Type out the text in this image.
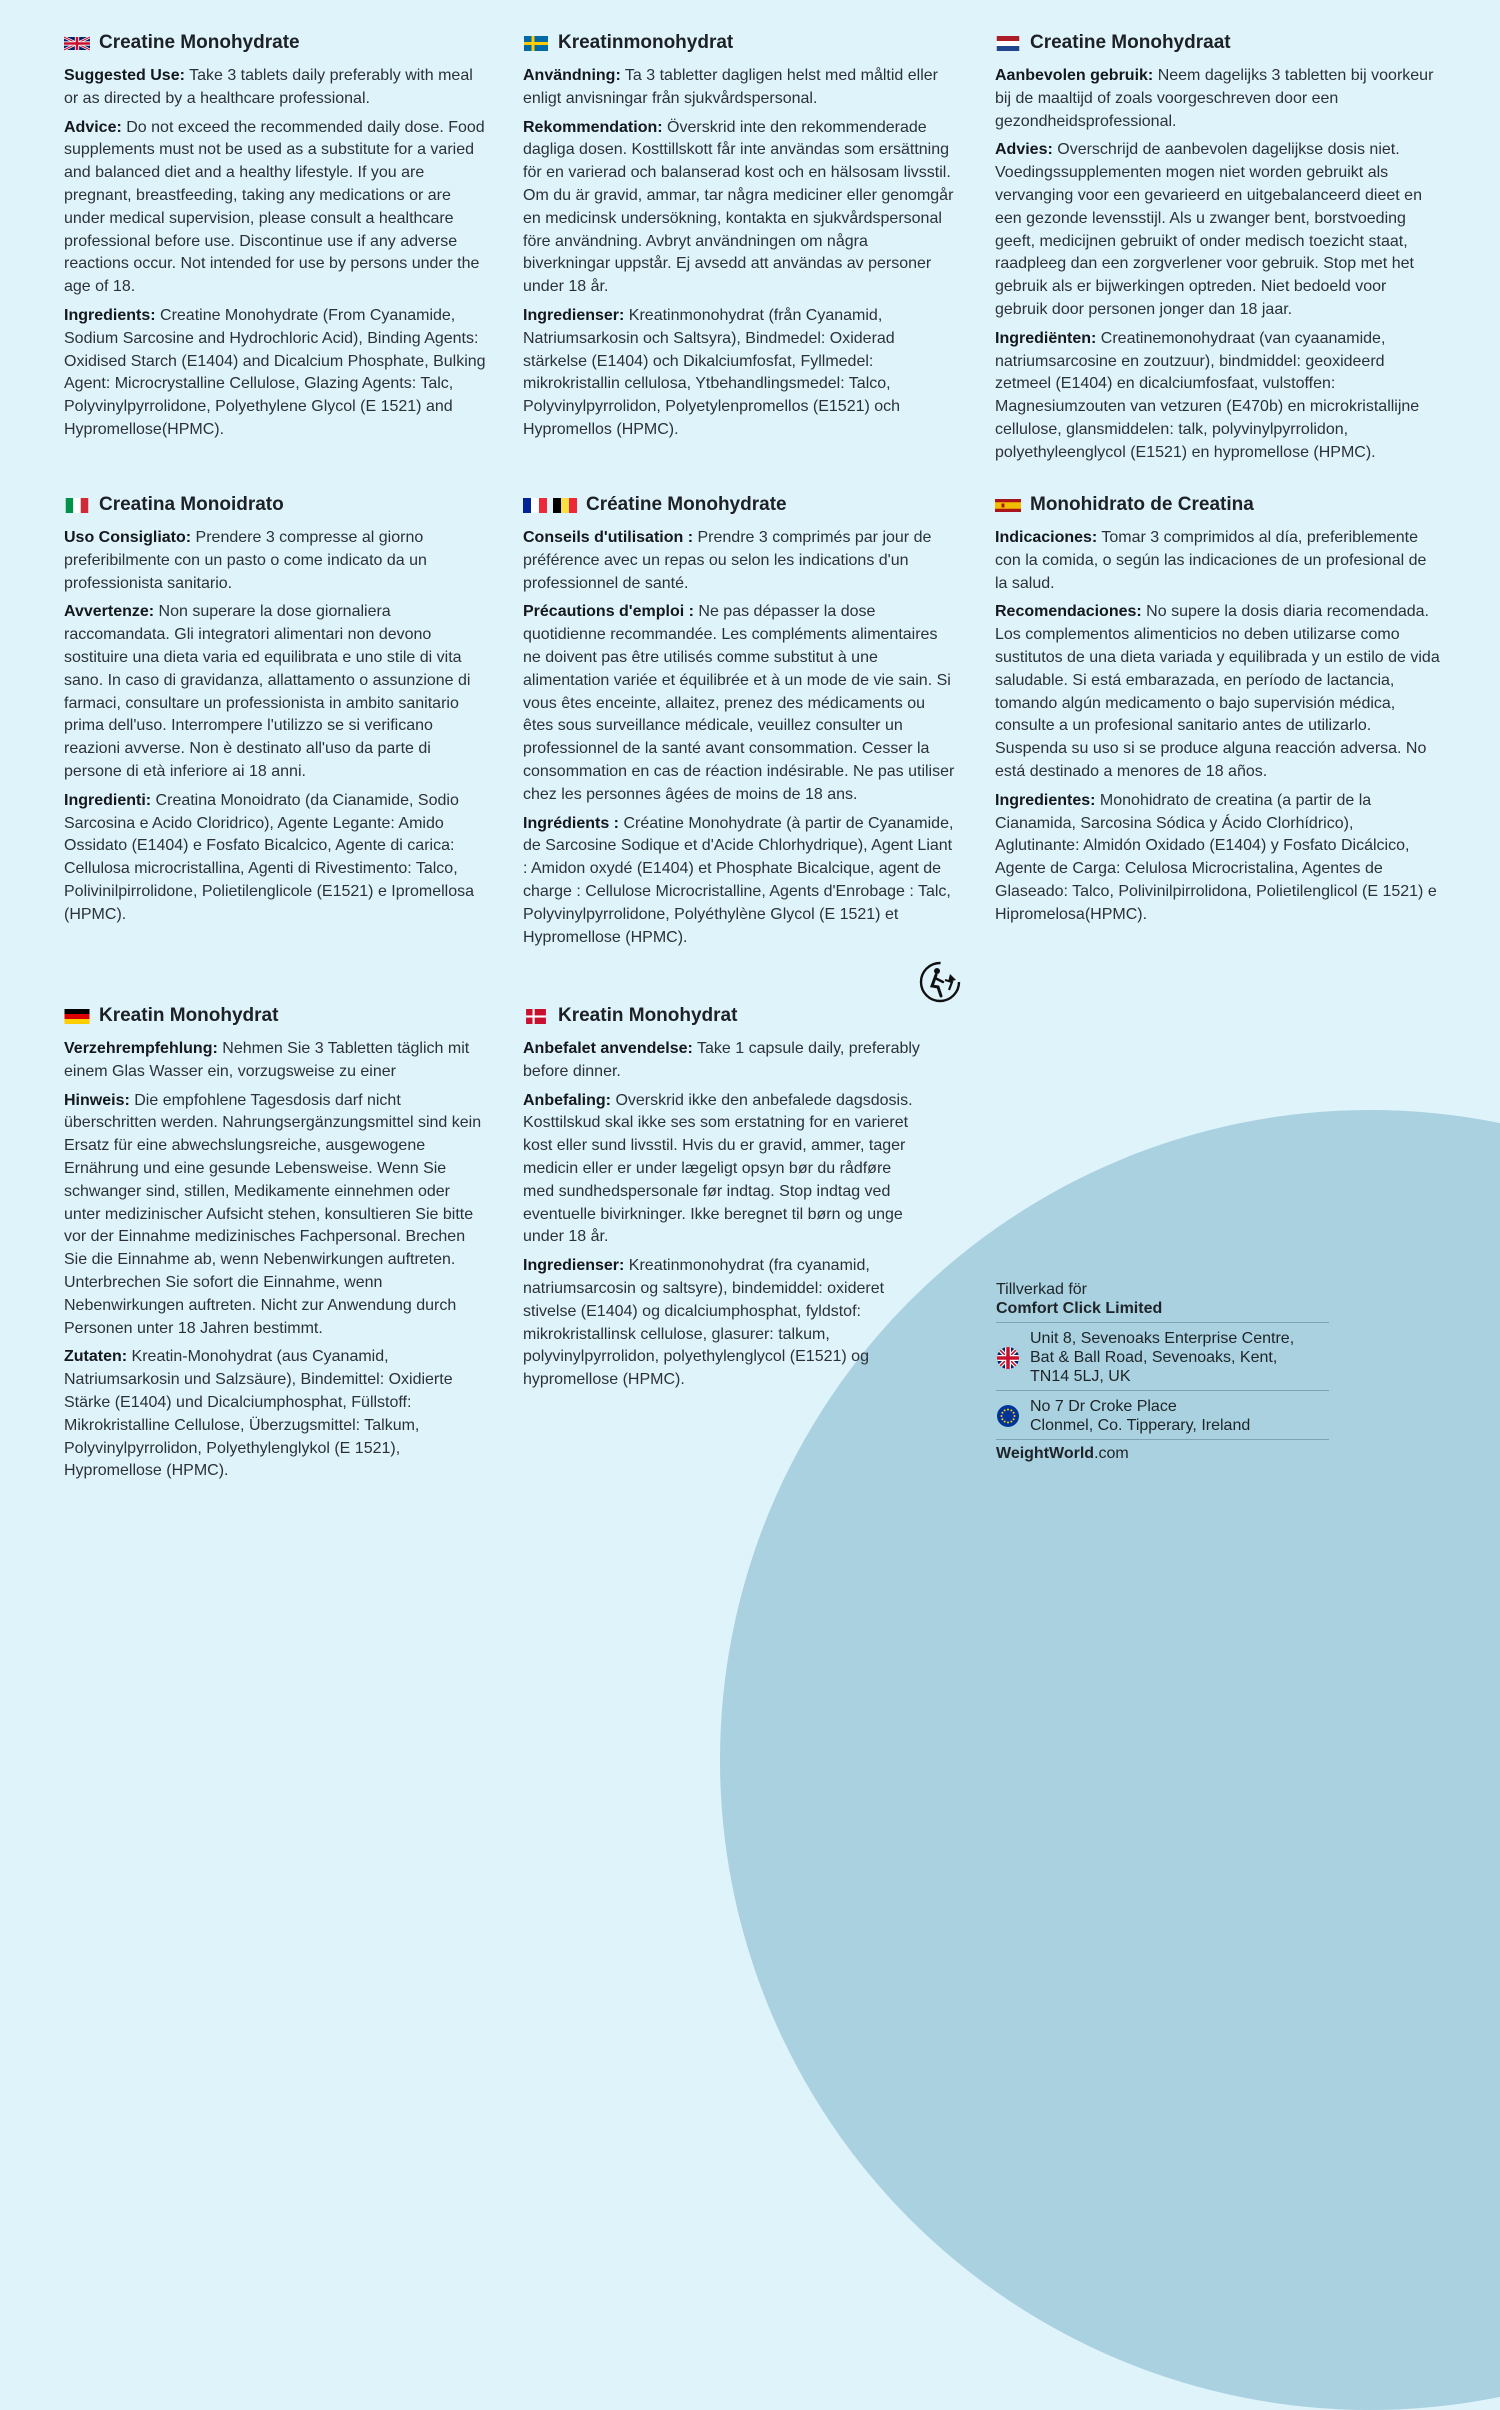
Creatine Monohydrate

Suggested Use: Take 3 tablets daily preferably with meal or as directed by a healthcare professional.

Advice: Do not exceed the recommended daily dose. Food supplements must not be used as a substitute for a varied and balanced diet and a healthy lifestyle. If you are pregnant, breastfeeding, taking any medications or are under medical supervision, please consult a healthcare professional before use. Discontinue use if any adverse reactions occur. Not intended for use by persons under the age of 18.

Ingredients: Creatine Monohydrate (From Cyanamide, Sodium Sarcosine and Hydrochloric Acid), Binding Agents: Oxidised Starch (E1404) and Dicalcium Phosphate, Bulking Agent: Microcrystalline Cellulose, Glazing Agents: Talc, Polyvinylpyrrolidone, Polyethylene Glycol (E 1521) and Hypromellose(HPMC).

Kreatinmonohydrat

Användning: Ta 3 tabletter dagligen helst med måltid eller enligt anvisningar från sjukvårdspersonal.

Rekommendation: Överskrid inte den rekommenderade dagliga dosen. Kosttillskott får inte användas som ersättning för en varierad och balanserad kost och en hälsosam livsstil. Om du är gravid, ammar, tar några mediciner eller genomgår en medicinsk undersökning, kontakta en sjukvårdspersonal före användning. Avbryt användningen om några biverkningar uppstår. Ej avsedd att användas av personer under 18 år.

Ingredienser: Kreatinmonohydrat (från Cyanamid, Natriumsarkosin och Saltsyra), Bindmedel: Oxiderad stärkelse (E1404) och Dikalciumfosfat, Fyllmedel: mikrokristallin cellulosa, Ytbehandlingsmedel: Talco, Polyvinylpyrrolidon, Polyetylenpromellos (E1521) och Hypromellos (HPMC).

Creatine Monohydraat

Aanbevolen gebruik: Neem dagelijks 3 tabletten bij voorkeur bij de maaltijd of zoals voorgeschreven door een gezondheidsprofessional.

Advies: Overschrijd de aanbevolen dagelijkse dosis niet. Voedingssupplementen mogen niet worden gebruikt als vervanging voor een gevarieerd en uitgebalanceerd dieet en een gezonde levensstijl. Als u zwanger bent, borstvoeding geeft, medicijnen gebruikt of onder medisch toezicht staat, raadpleeg dan een zorgverlener voor gebruik. Stop met het gebruik als er bijwerkingen optreden. Niet bedoeld voor gebruik door personen jonger dan 18 jaar.

Ingrediënten: Creatinemonohydraat (van cyaanamide, natriumsarcosine en zoutzuur), bindmiddel: geoxideerd zetmeel (E1404) en dicalciumfosfaat, vulstoffen: Magnesiumzouten van vetzuren (E470b) en microkristallijne cellulose, glansmiddelen: talk, polyvinylpyrrolidon, polyethyleenglycol (E1521) en hypromellose (HPMC).

Creatina Monoidrato

Uso Consigliato: Prendere 3 compresse al giorno preferibilmente con un pasto o come indicato da un professionista sanitario.

Avvertenze: Non superare la dose giornaliera raccomandata. Gli integratori alimentari non devono sostituire una dieta varia ed equilibrata e uno stile di vita sano. In caso di gravidanza, allattamento o assunzione di farmaci, consultare un professionista in ambito sanitario prima dell'uso. Interrompere l'utilizzo se si verificano reazioni avverse. Non è destinato all'uso da parte di persone di età inferiore ai 18 anni.

Ingredienti: Creatina Monoidrato (da Cianamide, Sodio Sarcosina e Acido Cloridrico), Agente Legante: Amido Ossidato (E1404) e Fosfato Bicalcico, Agente di carica: Cellulosa microcristallina, Agenti di Rivestimento: Talco, Polivinilpirrolidone, Polietilenglicole (E1521) e Ipromellosa (HPMC).

Créatine Monohydrate

Conseils d'utilisation : Prendre 3 comprimés par jour de préférence avec un repas ou selon les indications d'un professionnel de santé.

Précautions d'emploi : Ne pas dépasser la dose quotidienne recommandée. Les compléments alimentaires ne doivent pas être utilisés comme substitut à une alimentation variée et équilibrée et à un mode de vie sain. Si vous êtes enceinte, allaitez, prenez des médicaments ou êtes sous surveillance médicale, veuillez consulter un professionnel de la santé avant consommation. Cesser la consommation en cas de réaction indésirable. Ne pas utiliser chez les personnes âgées de moins de 18 ans.

Ingrédients : Créatine Monohydrate (à partir de Cyanamide, de Sarcosine Sodique et d'Acide Chlorhydrique), Agent Liant : Amidon oxydé (E1404) et Phosphate Bicalcique, agent de charge : Cellulose Microcristalline, Agents d'Enrobage : Talc, Polyvinylpyrrolidone, Polyéthylène Glycol (E 1521) et Hypromellose (HPMC).

Monohidrato de Creatina

Indicaciones: Tomar 3 comprimidos al día, preferiblemente con la comida, o según las indicaciones de un profesional de la salud.

Recomendaciones: No supere la dosis diaria recomendada. Los complementos alimenticios no deben utilizarse como sustitutos de una dieta variada y equilibrada y un estilo de vida saludable. Si está embarazada, en período de lactancia, tomando algún medicamento o bajo supervisión médica, consulte a un profesional sanitario antes de utilizarlo. Suspenda su uso si se produce alguna reacción adversa. No está destinado a menores de 18 años.

Ingredientes: Monohidrato de creatina (a partir de la Cianamida, Sarcosina Sódica y Ácido Clorhídrico), Aglutinante: Almidón Oxidado (E1404) y Fosfato Dicálcico, Agente de Carga: Celulosa Microcristalina, Agentes de Glaseado: Talco, Polivinilpirrolidona, Polietilenglicol (E 1521) e Hipromelosa(HPMC).

Kreatin Monohydrat

Verzehrempfehlung: Nehmen Sie 3 Tabletten täglich mit einem Glas Wasser ein, vorzugsweise zu einer

Hinweis: Die empfohlene Tagesdosis darf nicht überschritten werden. Nahrungsergänzungsmittel sind kein Ersatz für eine abwechslungsreiche, ausgewogene Ernährung und eine gesunde Lebensweise. Wenn Sie schwanger sind, stillen, Medikamente einnehmen oder unter medizinischer Aufsicht stehen, konsultieren Sie bitte vor der Einnahme medizinisches Fachpersonal. Brechen Sie die Einnahme ab, wenn Nebenwirkungen auftreten. Unterbrechen Sie sofort die Einnahme, wenn Nebenwirkungen auftreten. Nicht zur Anwendung durch Personen unter 18 Jahren bestimmt.

Zutaten: Kreatin-Monohydrat (aus Cyanamid, Natriumsarkosin und Salzsäure), Bindemittel: Oxidierte Stärke (E1404) und Dicalciumphosphat, Füllstoff: Mikrokristalline Cellulose, Überzugsmittel: Talkum, Polyvinylpyrrolidon, Polyethylenglykol (E 1521), Hypromellose (HPMC).

Kreatin Monohydrat

Anbefalet anvendelse: Take 1 capsule daily, preferably before dinner.

Anbefaling: Overskrid ikke den anbefalede dagsdosis. Kosttilskud skal ikke ses som erstatning for en varieret kost eller sund livsstil. Hvis du er gravid, ammer, tager medicin eller er under lægeligt opsyn bør du rådføre med sundhedspersonale før indtag. Stop indtag ved eventuelle bivirkninger. Ikke beregnet til børn og unge under 18 år.

Ingredienser: Kreatinmonohydrat (fra cyanamid, natriumsarcosin og saltsyre), bindemiddel: oxideret stivelse (E1404) og dicalciumphosphat, fyldstof: mikrokristallinsk cellulose, glasurer: talkum, polyvinylpyrrolidon, polyethylenglycol (E1521) og hypromellose (HPMC).

Tillverkad för
Comfort Click Limited
Unit 8, Sevenoaks Enterprise Centre,
Bat & Ball Road, Sevenoaks, Kent,
TN14 5LJ, UK
No 7 Dr Croke Place
Clonmel, Co. Tipperary, Ireland
WeightWorld.com
